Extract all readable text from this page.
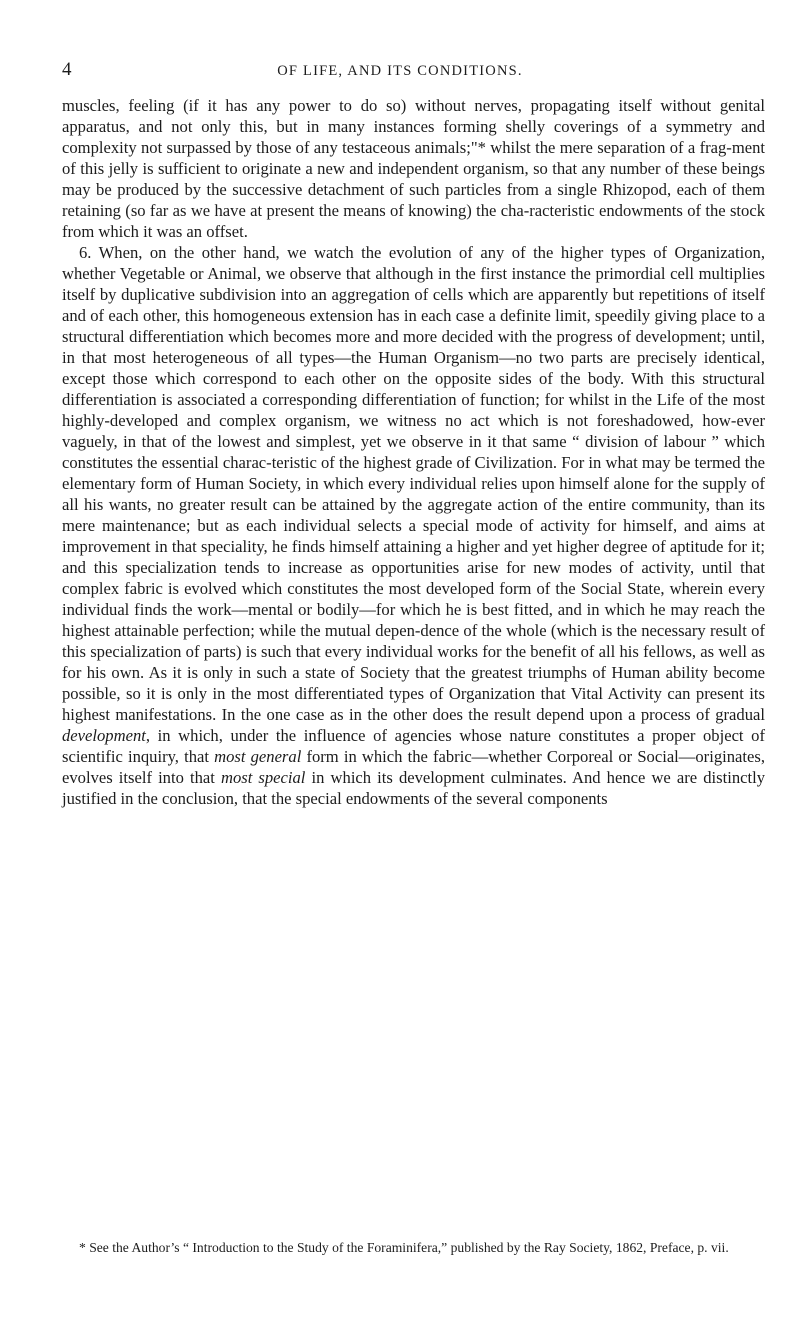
4	OF LIFE, AND ITS CONDITIONS.

muscles, feeling (if it has any power to do so) without nerves, propagating itself without genital apparatus, and not only this, but in many instances forming shelly coverings of a symmetry and complexity not surpassed by those of any testaceous animals;"* whilst the mere separation of a frag-ment of this jelly is sufficient to originate a new and independent organism, so that any number of these beings may be produced by the successive detachment of such particles from a single Rhizopod, each of them retaining (so far as we have at present the means of knowing) the cha-racteristic endowments of the stock from which it was an offset.

6. When, on the other hand, we watch the evolution of any of the higher types of Organization, whether Vegetable or Animal, we observe that although in the first instance the primordial cell multiplies itself by duplicative subdivision into an aggregation of cells which are apparently but repetitions of itself and of each other, this homogeneous extension has in each case a definite limit, speedily giving place to a structural differentiation which becomes more and more decided with the progress of development; until, in that most heterogeneous of all types—the Human Organism—no two parts are precisely identical, except those which correspond to each other on the opposite sides of the body. With this structural differentiation is associated a corresponding differentiation of function; for whilst in the Life of the most highly-developed and complex organism, we witness no act which is not foreshadowed, how-ever vaguely, in that of the lowest and simplest, yet we observe in it that same “ division of labour ” which constitutes the essential charac-teristic of the highest grade of Civilization. For in what may be termed the elementary form of Human Society, in which every individual relies upon himself alone for the supply of all his wants, no greater result can be attained by the aggregate action of the entire community, than its mere maintenance; but as each individual selects a special mode of activity for himself, and aims at improvement in that speciality, he finds himself attaining a higher and yet higher degree of aptitude for it; and this specialization tends to increase as opportunities arise for new modes of activity, until that complex fabric is evolved which constitutes the most developed form of the Social State, wherein every individual finds the work—mental or bodily—for which he is best fitted, and in which he may reach the highest attainable perfection; while the mutual depen-dence of the whole (which is the necessary result of this specialization of parts) is such that every individual works for the benefit of all his fellows, as well as for his own. As it is only in such a state of Society that the greatest triumphs of Human ability become possible, so it is only in the most differentiated types of Organization that Vital Activity can present its highest manifestations. In the one case as in the other does the result depend upon a process of gradual development, in which, under the influence of agencies whose nature constitutes a proper object of scientific inquiry, that most general form in which the fabric—whether Corporeal or Social—originates, evolves itself into that most special in which its development culminates. And hence we are distinctly justified in the conclusion, that the special endowments of the several components

* See the Author’s “ Introduction to the Study of the Foraminifera,” published by the Ray Society, 1862, Preface, p. vii.
